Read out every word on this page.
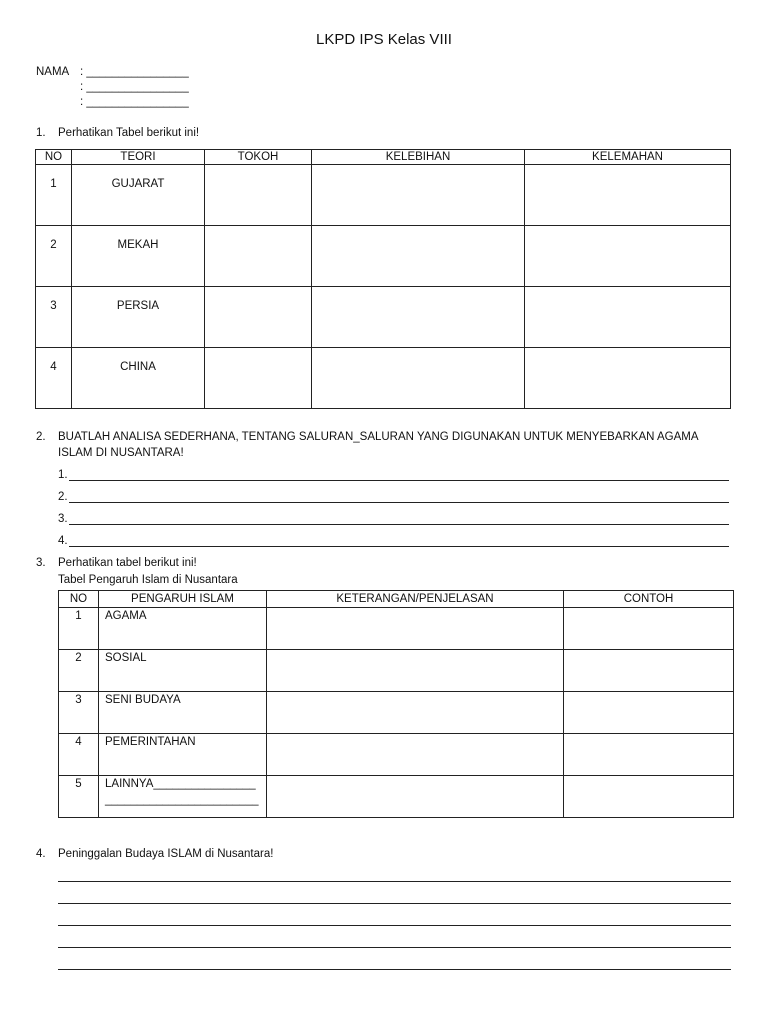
LKPD IPS Kelas VIII
NAMA : ________________
: ________________
: ________________
1. Perhatikan Tabel berikut ini!
NO	TEORI	TOKOH	KELEBIHAN	KELEMAHAN
1	GUJARAT			
2	MEKAH			
3	PERSIA			
4	CHINA			
2. BUATLAH ANALISA SEDERHANA, TENTANG SALURAN_SALURAN YANG DIGUNAKAN UNTUK MENYEBARKAN AGAMA
ISLAM DI NUSANTARA!
1.
2.
3.
4.
3. Perhatikan tabel berikut ini!
Tabel Pengaruh Islam di Nusantara
NO	PENGARUH ISLAM	KETERANGAN/PENJELASAN	CONTOH
1	AGAMA		
2	SOSIAL		
3	SENI BUDAYA		
4	PEMERINTAHAN		
5	LAINNYA________________
________________________		

4. Peninggalan Budaya ISLAM di Nusantara!
